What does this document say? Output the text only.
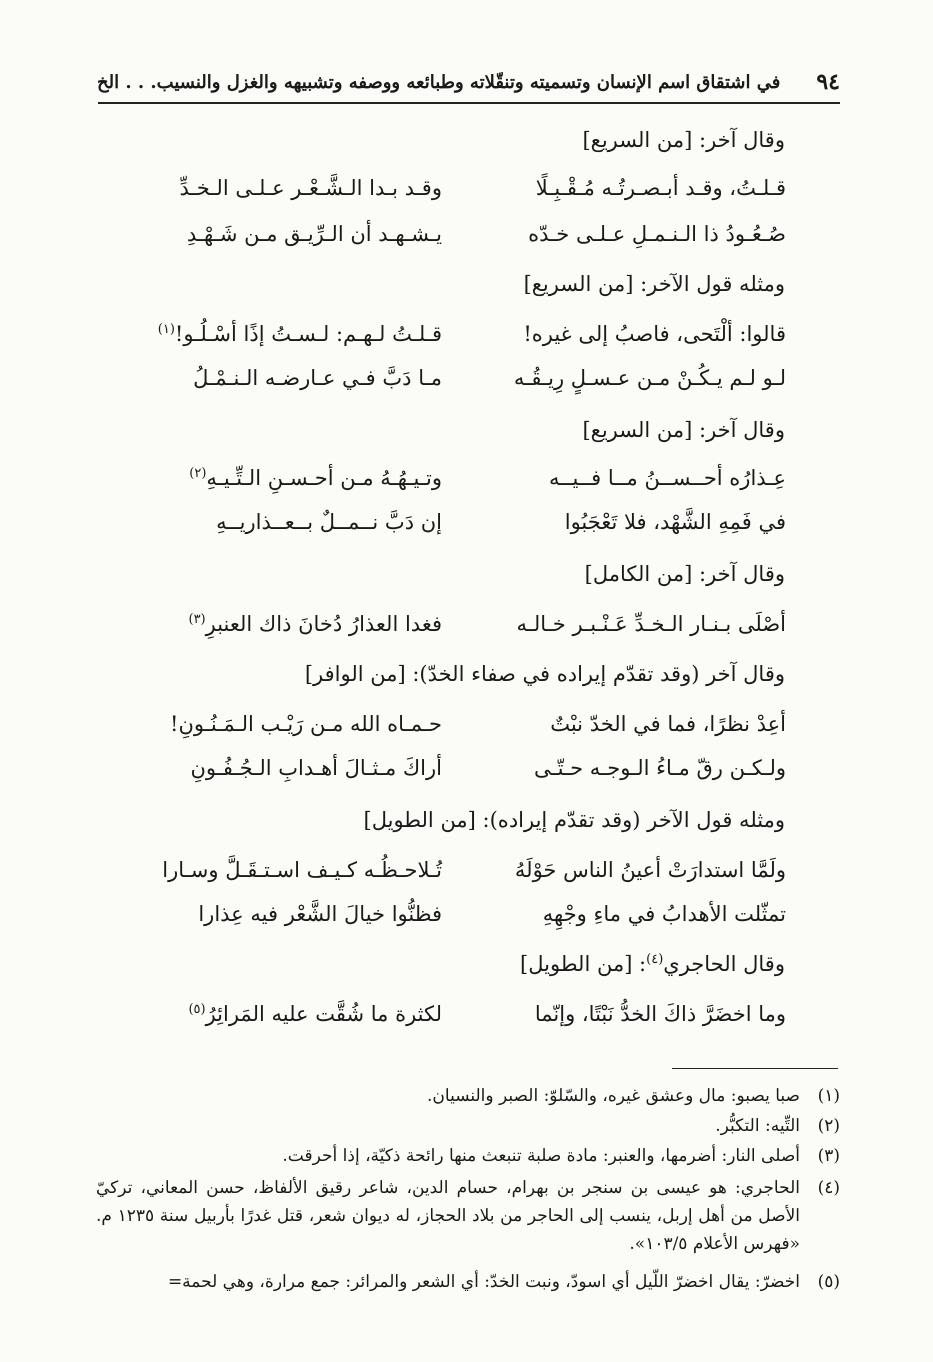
٩٤
في اشتقاق اسم الإنسان وتسميته وتنقّلاته وطبائعه ووصفه وتشبيهه والغزل والنسيب. . . الخ
وقال آخر: [من السريع]
قـلـتُ، وقـد أبـصـرتُـه مُـقْـبِـلًا
وقـد بـدا الـشَّـعْـر عـلـى الـخـدِّ
صُـعُـودُ ذا الـنـمـلِ عـلـى خـدّه
يـشـهـد أن الـرِّيـق مـن شَـهْـدِ
ومثله قول الآخر: [من السريع]
قالوا: ألْتَحى، فاصبُ إلى غيره!
قـلـتُ لـهـم: لـسـتُ إذًا أسْـلُـو!$^{(١)}$
لـو لـم يـكُـنْ مـن عـسـلٍ رِيـقُـه
مـا دَبَّ فـي عـارضـه الـنـمْـلُ
وقال آخر: [من السريع]
عِـذارُه أحــســنُ مــا فــيــه
وتـيـهُـهُ مـن أحـسـنِ الـتِّـيـهِ$^{(٢)}$
في فَمِهِ الشَّهْد، فلا تَعْجَبُوا
إن دَبَّ نــمــلٌ بــعــذاريــهِ
وقال آخر: [من الكامل]
أصْلَى بـنـار الـخـدِّ عَـنْـبـر خـالـه
فغدا العذارُ دُخانَ ذاك العنبرِ$^{(٣)}$
وقال آخر (وقد تقدّم إيراده في صفاء الخدّ): [من الوافر]
أعِدْ نظرًا، فما في الخدّ نبْتٌ
حـمـاه الله مـن رَيْـب الـمَـنُـونِ!
ولـكـن رقّ مـاءُ الـوجـه حـتّـى
أراكَ مـثـالَ أهـدابِ الـجُـفُـونِ
ومثله قول الآخر (وقد تقدّم إيراده): [من الطويل]
ولَمَّا استدارَتْ أعينُ الناس حَوْلَهُ
تُـلاحـظُـه كـيـف اسـتـقَـلَّ وسـارا
تمثّلت الأهدابُ في ماءِ وجْهِهِ
فظنُّوا خيالَ الشَّعْر فيه عِذارا
وقال الحاجري$^{(٤)}$: [من الطويل]
وما اخضَرَّ ذاكَ الخدُّ نَبْتًا، وإنّما
لكثرة ما شُقَّت عليه المَرائِرُ$^{(٥)}$
(١)
صبا يصبو: مال وعشق غيره، والسّلوّ: الصبر والنسيان.
(٢)
التِّيه: التكبُّر.
(٣)
أصلى النار: أضرمها، والعنبر: مادة صلبة تنبعث منها رائحة ذكيّة، إذا أحرقت.
(٤)
الحاجري: هو عيسى بن سنجر بن بهرام، حسام الدين، شاعر رقيق الألفاظ، حسن المعاني، تركيّ الأصل من أهل إربل، ينسب إلى الحاجر من بلاد الحجاز، له ديوان شعر، قتل غدرًا بأربيل سنة ١٢٣٥ م. «فهرس الأعلام ١٠٣/٥».
(٥)
اخضرّ: يقال اخضرّ اللّيل أي اسودّ، ونبت الخدّ: أي الشعر والمرائر: جمع مرارة، وهي لحمة=
